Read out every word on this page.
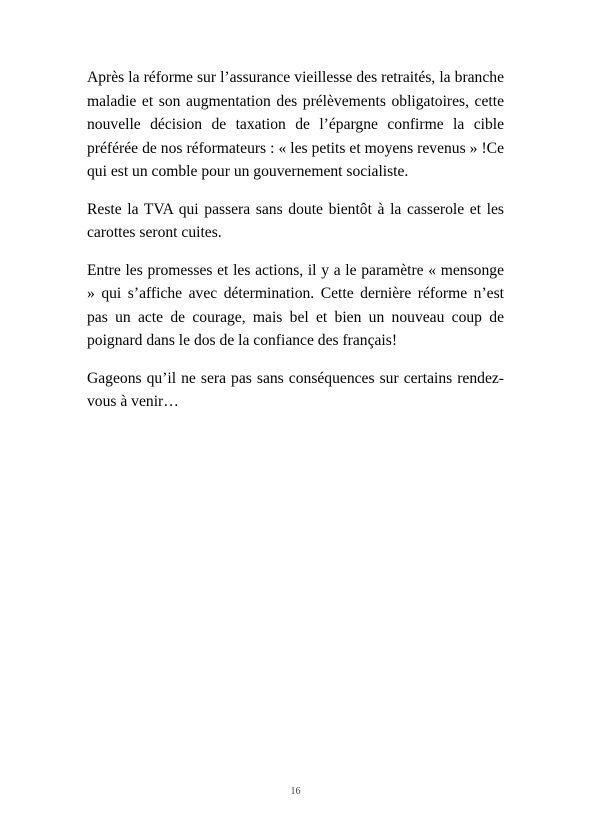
Après la réforme sur l’assurance vieillesse des retraités, la branche maladie et son augmentation des prélèvements obligatoires, cette nouvelle décision de taxation de l’épargne confirme la cible préférée de nos réformateurs : « les petits et moyens revenus » !Ce qui est un comble pour un gouvernement socialiste.

Reste la TVA qui passera sans doute bientôt à la casserole et les carottes seront cuites.

Entre les promesses et les actions, il y a le paramètre « mensonge » qui s’affiche avec détermination. Cette dernière réforme n’est pas un acte de courage, mais bel et bien un nouveau coup de poignard dans le dos de la confiance des français!

Gageons qu’il ne sera pas sans conséquences sur certains rendez-vous à venir…

16
